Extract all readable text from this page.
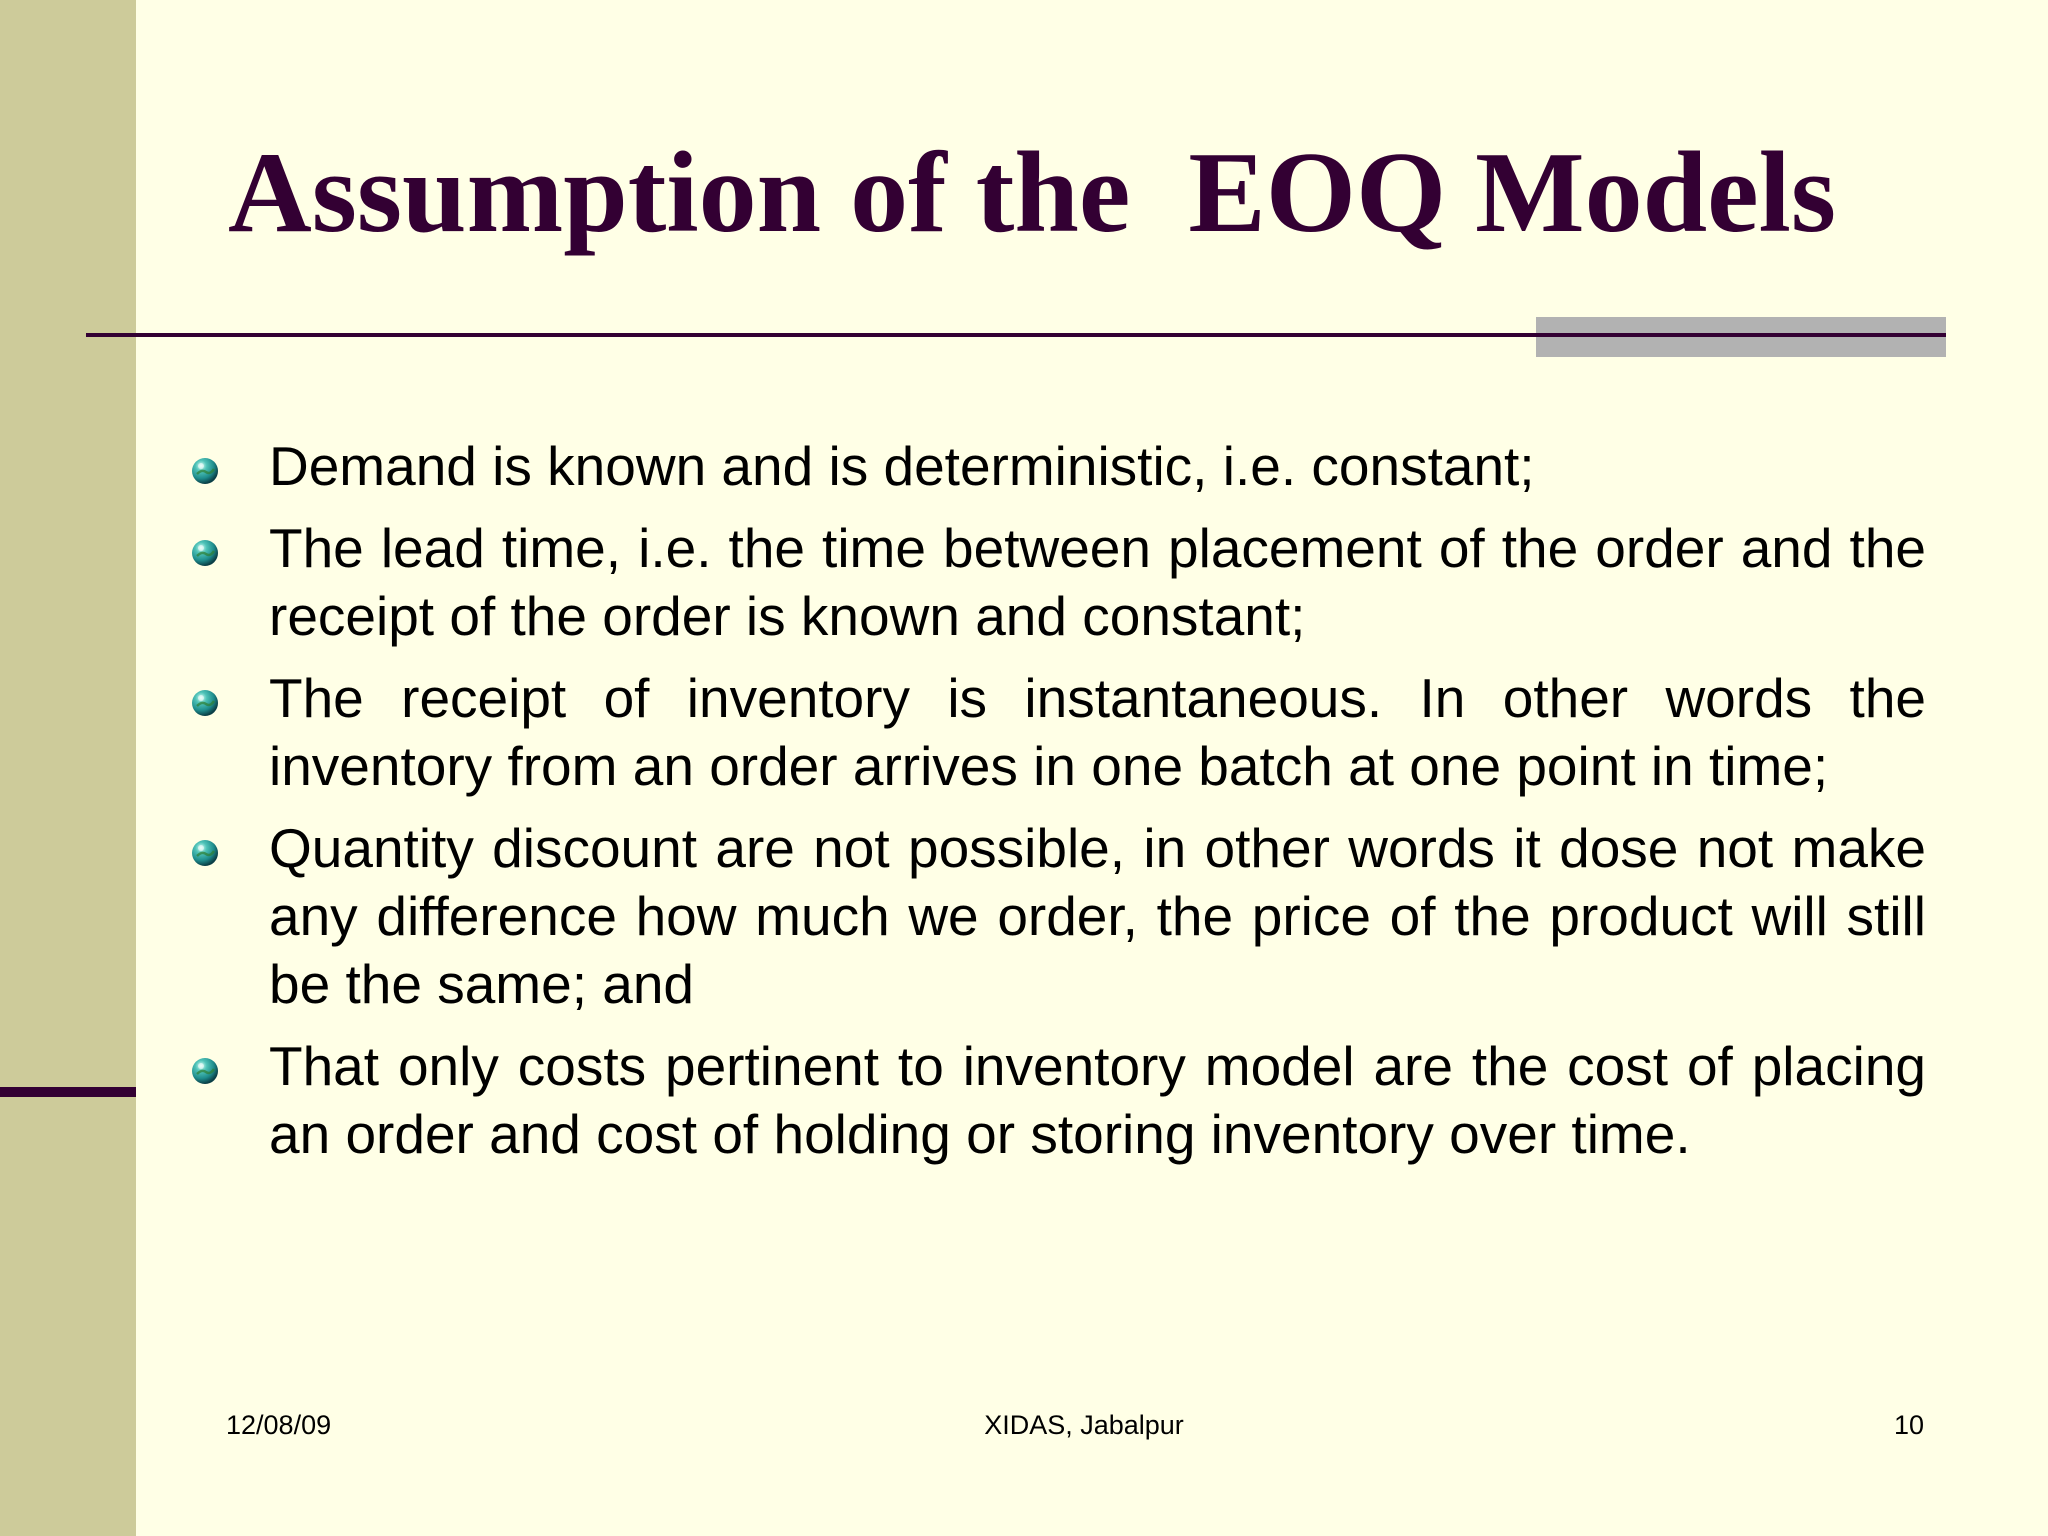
Assumption of the  EOQ Models
Demand is known and is deterministic, i.e. constant;
The lead time, i.e. the time between placement of the order and the receipt of the order is known and constant;
The receipt of inventory is instantaneous. In other words the inventory from an order arrives in one batch at one point in time;
Quantity discount are not possible, in other words it dose not make any difference how much we order, the price of the product will still be the same; and
That only costs pertinent to inventory model are the cost of placing an order and cost of holding or storing inventory over time.
12/08/09	XIDAS, Jabalpur	10
